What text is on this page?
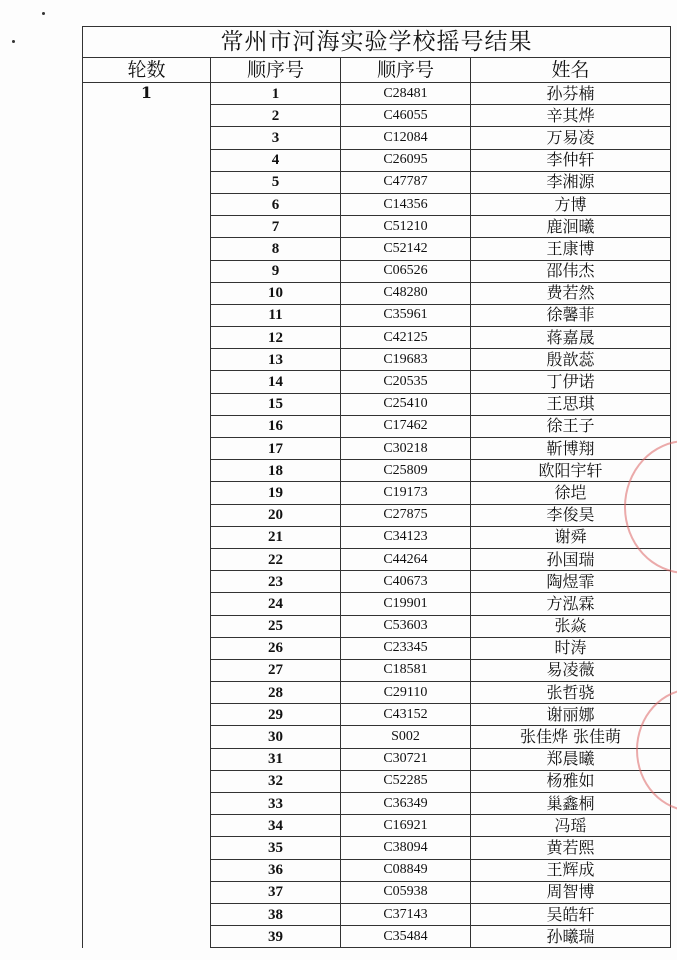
常州市河海实验学校摇号结果			
轮数	顺序号	顺序号	姓名
1	1	C28481	孙芬楠
	2	C46055	辛其烨
	3	C12084	万易凌
	4	C26095	李仲轩
	5	C47787	李湘源
	6	C14356	方博
	7	C51210	鹿洄曦
	8	C52142	王康博
	9	C06526	邵伟杰
	10	C48280	费若然
	11	C35961	徐馨菲
	12	C42125	蒋嘉晟
	13	C19683	殷歆蕊
	14	C20535	丁伊诺
	15	C25410	王思琪
	16	C17462	徐王子
	17	C30218	靳博翔
	18	C25809	欧阳宇轩
	19	C19173	徐垲
	20	C27875	李俊昊
	21	C34123	谢舜
	22	C44264	孙国瑞
	23	C40673	陶煜霏
	24	C19901	方泓霖
	25	C53603	张焱
	26	C23345	时涛
	27	C18581	易凌薇
	28	C29110	张哲骁
	29	C43152	谢丽娜
	30	S002	张佳烨 张佳萌
	31	C30721	郑晨曦
	32	C52285	杨雅如
	33	C36349	巢鑫桐
	34	C16921	冯瑶
	35	C38094	黄若熙
	36	C08849	王辉成
	37	C05938	周智博
	38	C37143	吴皓轩
	39	C35484	孙曦瑞
